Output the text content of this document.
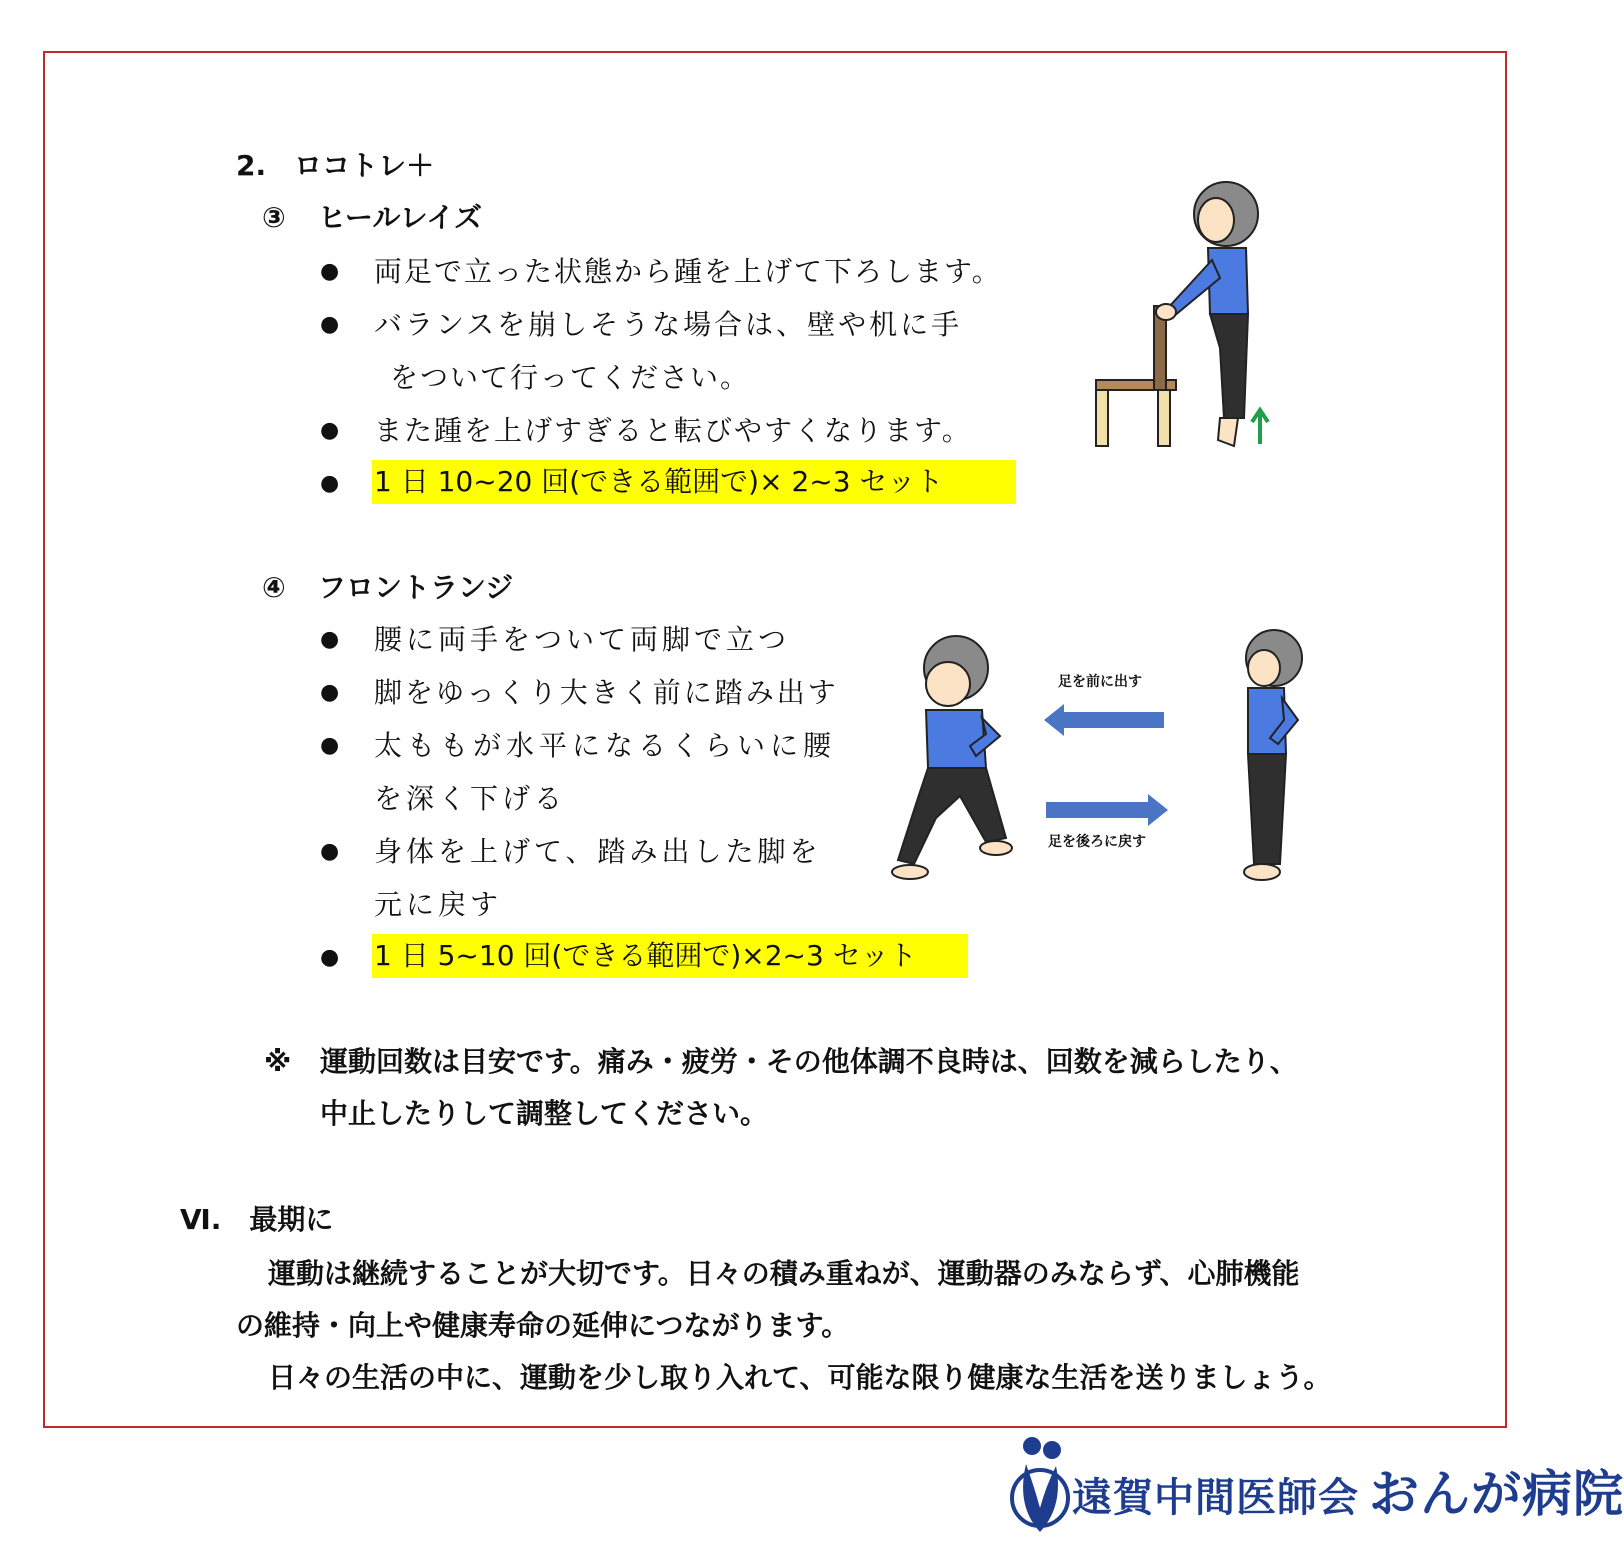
2.　ロコトレ＋
③ ヒールレイズ
● 両足で立った状態から踵を上げて下ろします。
● バランスを崩しそうな場合は、壁や机に手
をついて行ってください。
● また踵を上げすぎると転びやすくなります。
● 1 日 10~20 回(できる範囲で)× 2~3 セット
④ フロントランジ
● 腰に両手をついて両脚で立つ
● 脚をゆっくり大きく前に踏み出す
● 太ももが水平になるくらいに腰
を深く下げる
● 身体を上げて、踏み出した脚を
元に戻す
● 1 日 5~10 回(できる範囲で)×2~3 セット
足を前に出す
足を後ろに戻す
※ 運動回数は目安です。痛み・疲労・その他体調不良時は、回数を減らしたり、
中止したりして調整してください。
Ⅵ.　最期に
運動は継続することが大切です。日々の積み重ねが、運動器のみならず、心肺機能
の維持・向上や健康寿命の延伸につながります。
日々の生活の中に、運動を少し取り入れて、可能な限り健康な生活を送りましょう。
遠賀中間医師会 おんが病院
